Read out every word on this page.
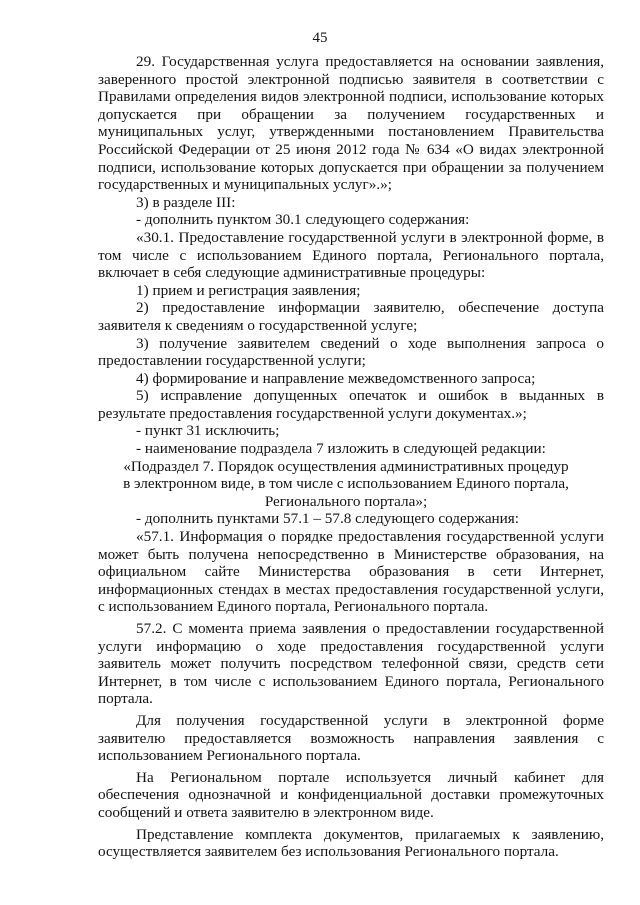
45

29. Государственная услуга предоставляется на основании заявления, заверенного простой электронной подписью заявителя в соответствии с Правилами определения видов электронной подписи, использование которых допускается при обращении за получением государственных и муниципальных услуг, утвержденными постановлением Правительства Российской Федерации от 25 июня 2012 года № 634 «О видах электронной подписи, использование которых допускается при обращении за получением государственных и муниципальных услуг».»;

3) в разделе III:

- дополнить пунктом 30.1 следующего содержания:

«30.1. Предоставление государственной услуги в электронной форме, в том числе с использованием Единого портала, Регионального портала, включает в себя следующие административные процедуры:

1) прием и регистрация заявления;

2) предоставление информации заявителю, обеспечение доступа заявителя к сведениям о государственной услуге;

3) получение заявителем сведений о ходе выполнения запроса о предоставлении государственной услуги;

4) формирование и направление межведомственного запроса;

5) исправление допущенных опечаток и ошибок в выданных в результате предоставления государственной услуги документах.»;

- пункт 31 исключить;

- наименование подраздела 7 изложить в следующей редакции:

«Подраздел 7. Порядок осуществления административных процедур в электронном виде, в том числе с использованием Единого портала, Регионального портала»;

- дополнить пунктами 57.1 – 57.8 следующего содержания:

«57.1. Информация о порядке предоставления государственной услуги может быть получена непосредственно в Министерстве образования, на официальном сайте Министерства образования в сети Интернет, информационных стендах в местах предоставления государственной услуги, с использованием Единого портала, Регионального портала.

57.2. С момента приема заявления о предоставлении государственной услуги информацию о ходе предоставления государственной услуги заявитель может получить посредством телефонной связи, средств сети Интернет, в том числе с использованием Единого портала, Регионального портала.

Для получения государственной услуги в электронной форме заявителю предоставляется возможность направления заявления с использованием Регионального портала.

На Региональном портале используется личный кабинет для обеспечения однозначной и конфиденциальной доставки промежуточных сообщений и ответа заявителю в электронном виде.

Представление комплекта документов, прилагаемых к заявлению, осуществляется заявителем без использования Регионального портала.
